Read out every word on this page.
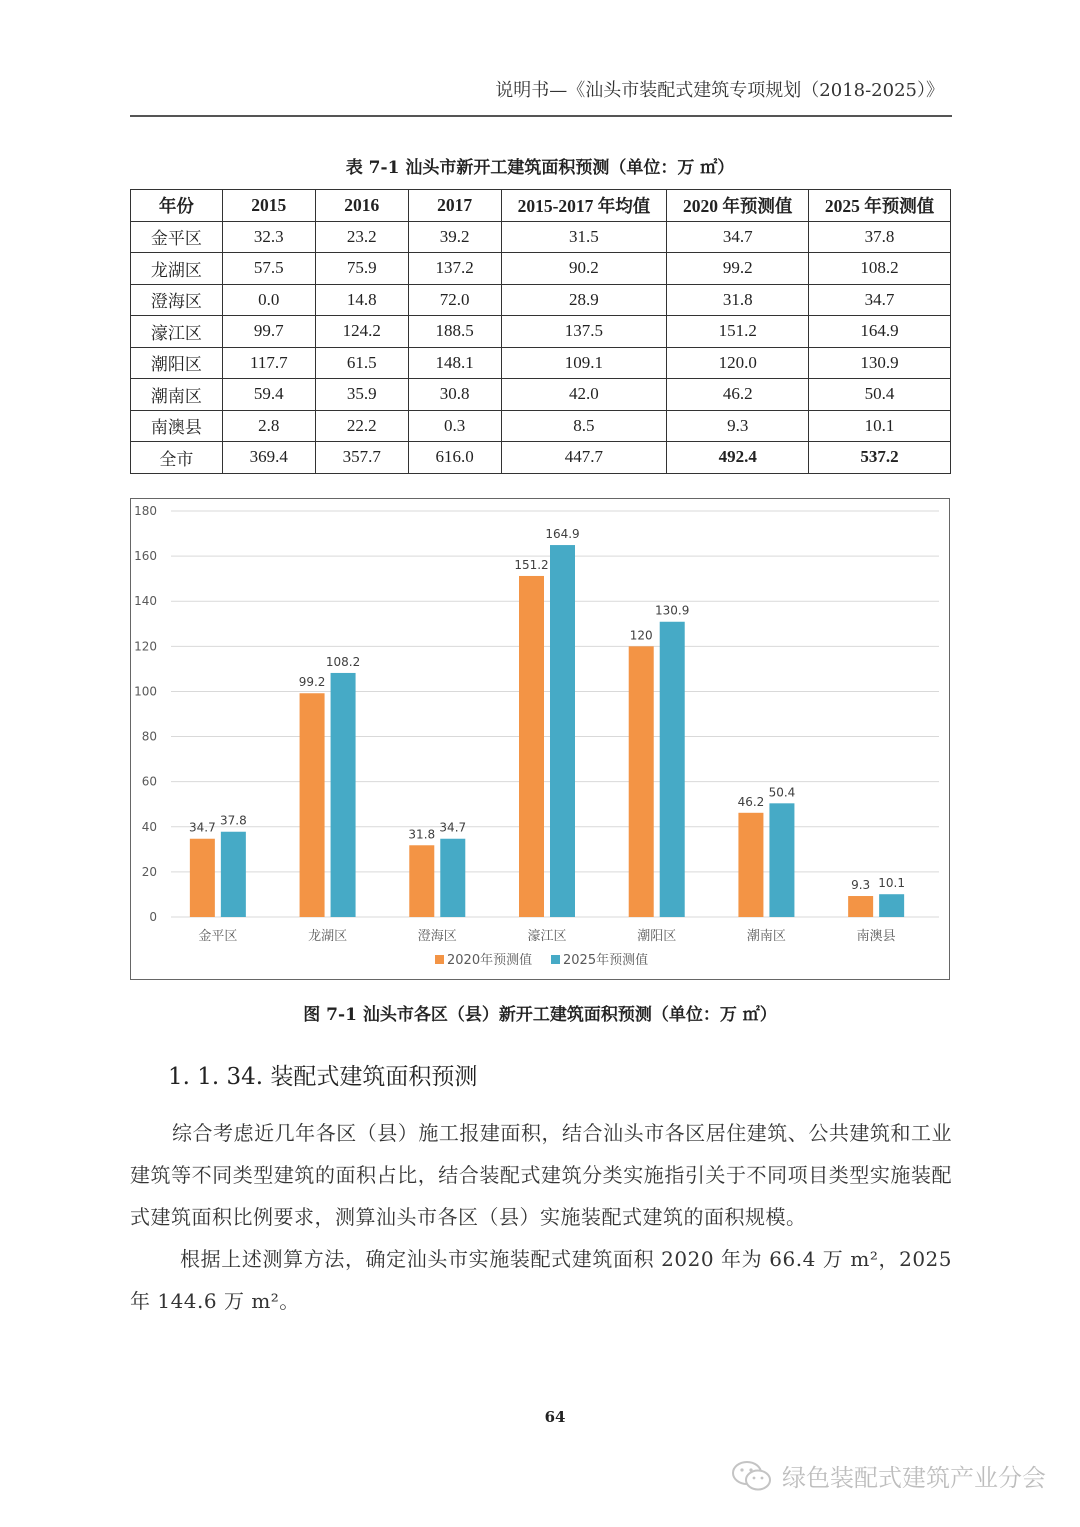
说明书—《汕头市装配式建筑专项规划（2018-2025）》
表 7-1 汕头市新开工建筑面积预测（单位：万 ㎡）
年份	2015	2016	2017	2015-2017 年均值	2020 年预测值	2025 年预测值
金平区	32.3	23.2	39.2	31.5	34.7	37.8
龙湖区	57.5	75.9	137.2	90.2	99.2	108.2
澄海区	0.0	14.8	72.0	28.9	31.8	34.7
濠江区	99.7	124.2	188.5	137.5	151.2	164.9
潮阳区	117.7	61.5	148.1	109.1	120.0	130.9
潮南区	59.4	35.9	30.8	42.0	46.2	50.4
南澳县	2.8	22.2	0.3	8.5	9.3	10.1
全市	369.4	357.7	616.0	447.7	492.4	537.2
0
20
40
60
80
100
120
140
160
180
34.7 37.8
金平区
99.2
108.2
龙湖区
31.8 34.7
澄海区
151.2
164.9
濠江区
120
130.9
潮阳区
46.2
50.4
潮南区
9.3 10.1
南澳县
2020年预测值 2025年预测值
图 7-1 汕头市各区（县）新开工建筑面积预测（单位：万 ㎡）
1. 1. 34. 装配式建筑面积预测

综合考虑近几年各区（县）施工报建面积，结合汕头市各区居住建筑、公共建筑和工业建筑等不同类型建筑的面积占比，结合装配式建筑分类实施指引关于不同项目类型实施装配式建筑面积比例要求，测算汕头市各区（县）实施装配式建筑的面积规模。

根据上述测算方法，确定汕头市实施装配式建筑面积 2020 年为 66.4 万 m²，2025 年 144.6 万 m²。

64
绿色装配式建筑产业分会
